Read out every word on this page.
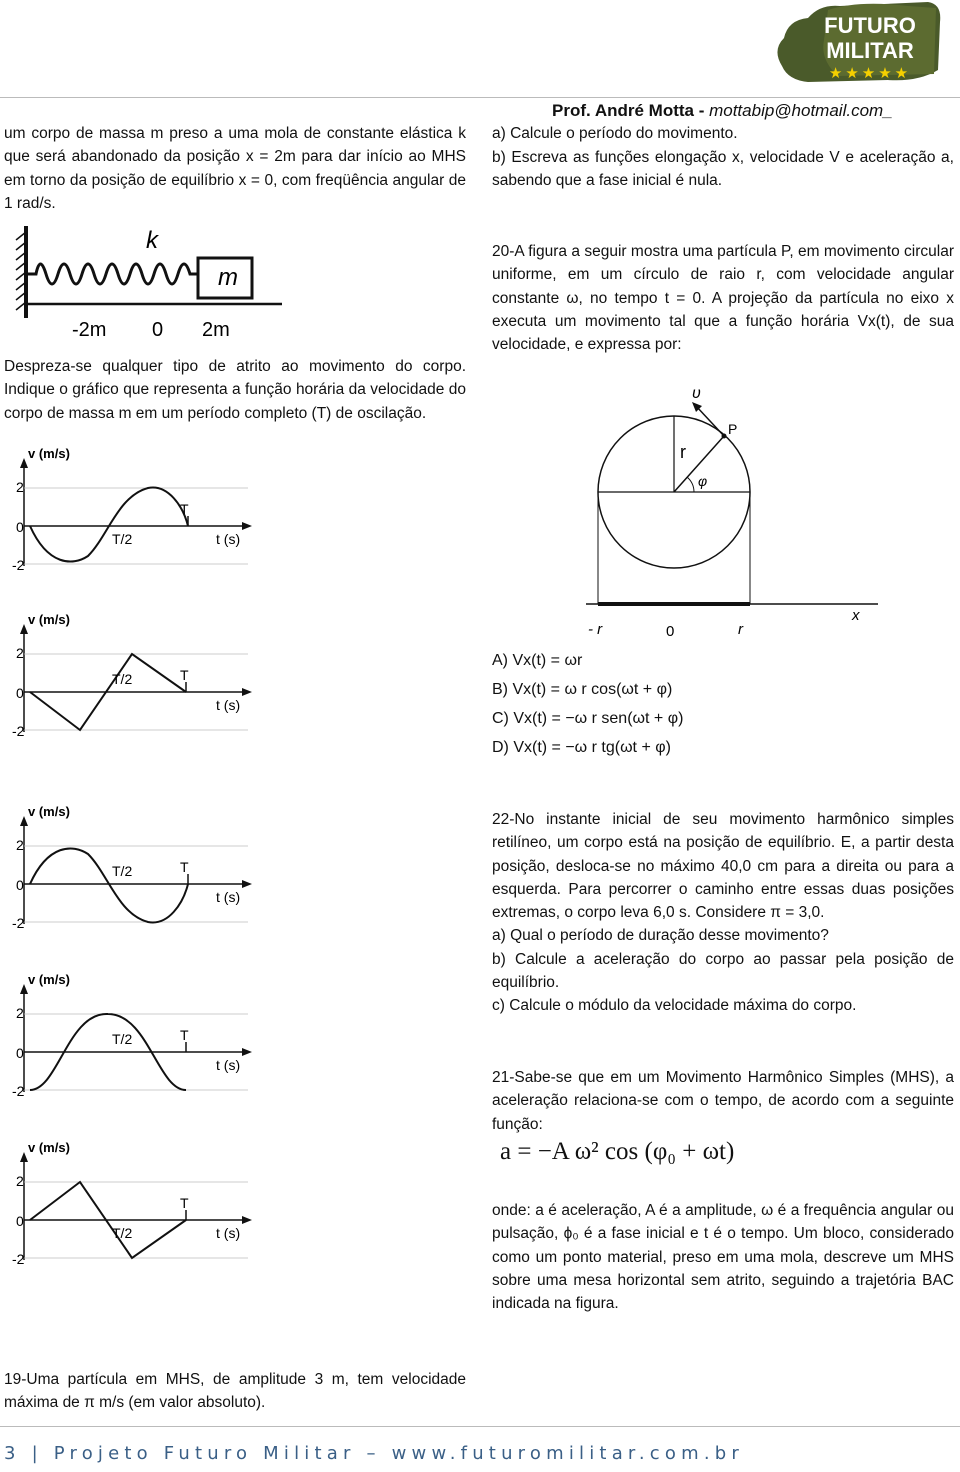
Prof. André Motta - mottabip@hotmail.com_
FUTURO
MILITAR
★★★★★
um corpo de massa m preso a uma mola de constante elástica k que será abandonado da posição x = 2m para dar início ao MHS em torno da posição de equilíbrio x = 0, com freqüência angular de 1 rad/s.
k
m
-2m 0 2m
Despreza-se qualquer tipo de atrito ao movimento do corpo. Indique o gráfico que representa a função horária da velocidade do corpo de massa m em um período completo (T) de oscilação.
v (m/s)
2
0
-2
T
T/2	t (s)
v (m/s)
2
0
-2
T
T/2
t (s)
v (m/s)
2
0
-2
T
T/2
t (s)
v (m/s)
2
0
-2
T
T/2
t (s)
v (m/s)
2
0
-2
T
T/2	t (s)
19-Uma partícula em MHS, de amplitude 3 m, tem velocidade máxima de π m/s (em valor absoluto).
a) Calcule o período do movimento.
b) Escreva as funções elongação x, velocidade V e aceleração a, sabendo que a fase inicial é nula.
20-A figura a seguir mostra uma partícula P, em movimento circular uniforme, em um círculo de raio r, com velocidade angular constante ω, no tempo t = 0. A projeção da partícula no eixo x executa um movimento tal que a função horária Vx(t), de sua velocidade, e expressa por:
υ
P
r
φ
- r	0	r
x
A) Vx(t) = ωr
B) Vx(t) = ω r cos(ωt + φ)
C) Vx(t) = −ω r sen(ωt + φ)
D) Vx(t) = −ω r tg(ωt + φ)
22-No instante inicial de seu movimento harmônico simples retilíneo, um corpo está na posição de equilíbrio. E, a partir desta posição, desloca-se no máximo 40,0 cm para a direita ou para a esquerda. Para percorrer o caminho entre essas duas posições extremas, o corpo leva 6,0 s. Considere π = 3,0.
a) Qual o período de duração desse movimento?
b) Calcule a aceleração do corpo ao passar pela posição de equilíbrio.
c) Calcule o módulo da velocidade máxima do corpo.
21-Sabe-se que em um Movimento Harmônico Simples (MHS), a aceleração relaciona-se com o tempo, de acordo com a seguinte função:
a = −A ω² cos (φ₀ + ωt)
onde: a é aceleração, A é a amplitude, ω é a frequência angular ou pulsação, ϕ₀ é a fase inicial e t é o tempo. Um bloco, considerado como um ponto material, preso em uma mola, descreve um MHS sobre uma mesa horizontal sem atrito, seguindo a trajetória BAC indicada na figura.
3 | Projeto Futuro Militar – www.futuromilitar.com.br
